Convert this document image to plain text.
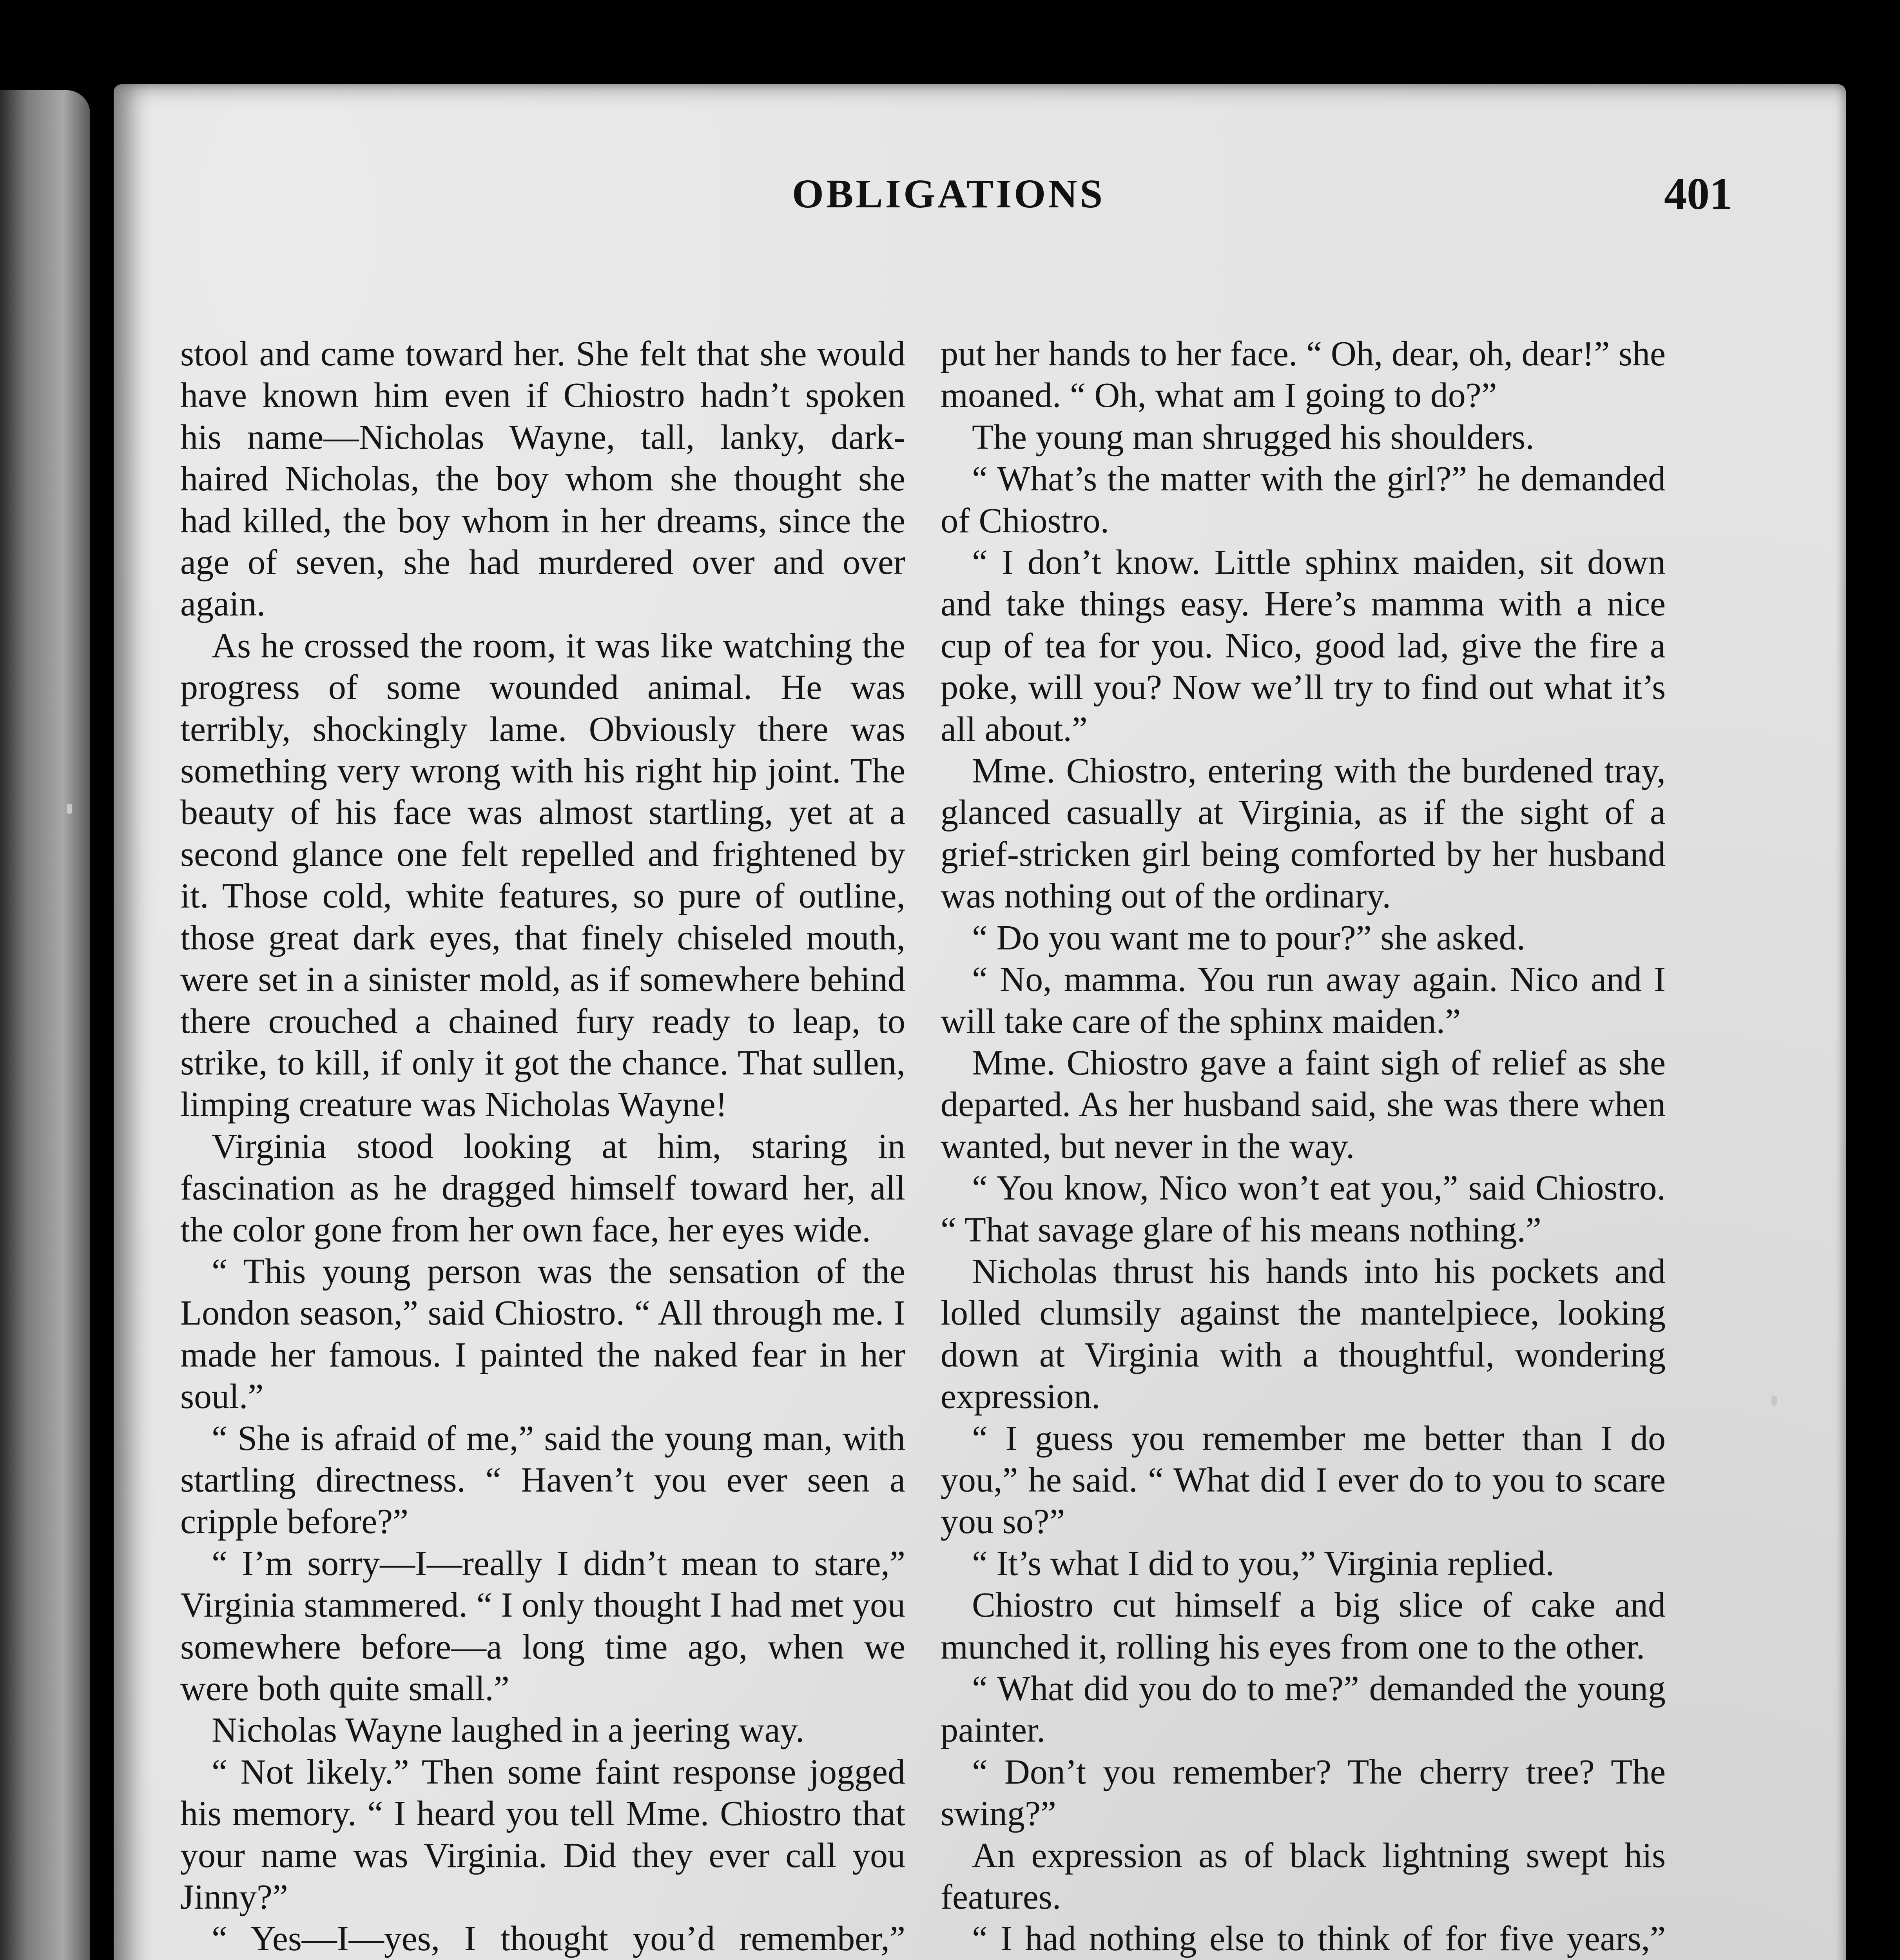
OBLIGATIONS	401

stool and came toward her. She felt that she would have known him even if Chiostro hadn’t spoken his name—Nicholas Wayne, tall, lanky, dark-haired Nicholas, the boy whom she thought she had killed, the boy whom in her dreams, since the age of seven, she had murdered over and over again.

As he crossed the room, it was like watching the progress of some wounded animal. He was terribly, shockingly lame. Obviously there was something very wrong with his right hip joint. The beauty of his face was almost startling, yet at a second glance one felt repelled and frightened by it. Those cold, white features, so pure of outline, those great dark eyes, that finely chiseled mouth, were set in a sinister mold, as if somewhere behind there crouched a chained fury ready to leap, to strike, to kill, if only it got the chance. That sullen, limping creature was Nicholas Wayne!

Virginia stood looking at him, staring in fascination as he dragged himself toward her, all the color gone from her own face, her eyes wide.

“ This young person was the sensation of the London season,” said Chiostro. “ All through me. I made her famous. I painted the naked fear in her soul.”

“ She is afraid of me,” said the young man, with startling directness. “ Haven’t you ever seen a cripple before?”

“ I’m sorry—I—really I didn’t mean to stare,” Virginia stammered. “ I only thought I had met you somewhere before—a long time ago, when we were both quite small.”

Nicholas Wayne laughed in a jeering way.

“ Not likely.” Then some faint response jogged his memory. “ I heard you tell Mme. Chiostro that your name was Virginia. Did they ever call you Jinny?”

“ Yes—I—yes, I thought you’d remember,”

put her hands to her face. “ Oh, dear, oh, dear!” she moaned. “ Oh, what am I going to do?”

The young man shrugged his shoulders.

“ What’s the matter with the girl?” he demanded of Chiostro.

“ I don’t know. Little sphinx maiden, sit down and take things easy. Here’s mamma with a nice cup of tea for you. Nico, good lad, give the fire a poke, will you? Now we’ll try to find out what it’s all about.”

Mme. Chiostro, entering with the burdened tray, glanced casually at Virginia, as if the sight of a grief-stricken girl being comforted by her husband was nothing out of the ordinary.

“ Do you want me to pour?” she asked.

“ No, mamma. You run away again. Nico and I will take care of the sphinx maiden.”

Mme. Chiostro gave a faint sigh of relief as she departed. As her husband said, she was there when wanted, but never in the way.

“ You know, Nico won’t eat you,” said Chiostro. “ That savage glare of his means nothing.”

Nicholas thrust his hands into his pockets and lolled clumsily against the mantelpiece, looking down at Virginia with a thoughtful, wondering expression.

“ I guess you remember me better than I do you,” he said. “ What did I ever do to you to scare you so?”

“ It’s what I did to you,” Virginia replied.

Chiostro cut himself a big slice of cake and munched it, rolling his eyes from one to the other.

“ What did you do to me?” demanded the young painter.

“ Don’t you remember? The cherry tree? The swing?”

An expression as of black lightning swept his features.

“ I had nothing else to think of for five years,”
